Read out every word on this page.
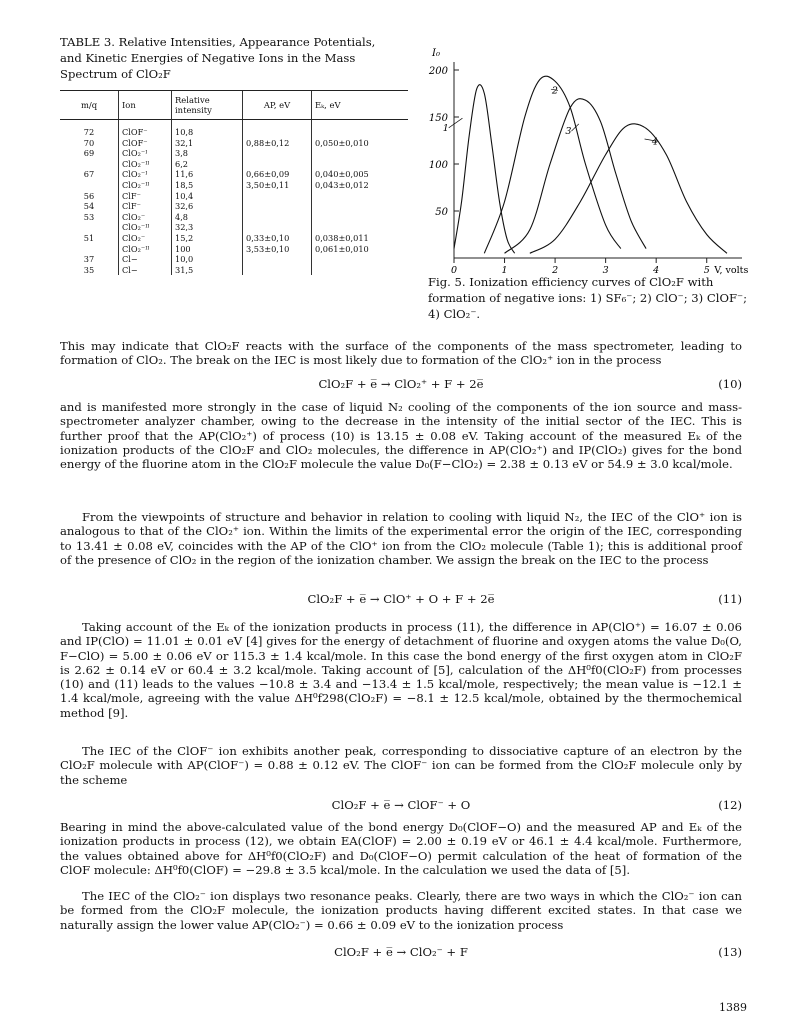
TABLE 3. Relative Intensities, Appearance Potentials, and Kinetic Energies of Negative Ions in the Mass Spectrum of ClO₂F
m/q	Ion	Relative intensity	AP, eV	Eₖ, eV

72	ClOF⁻	10,8		
70	ClOF⁻	32,1	0,88±0,12	0,050±0,010
69	ClO₂⁻ᴵ	3,8		
	ClO₂⁻ᴵᴵ	6,2		
67	ClO₂⁻ᴵ	11,6	0,66±0,09	0,040±0,005
	ClO₂⁻ᴵᴵ	18,5	3,50±0,11	0,043±0,012
56	ClF⁻	10,4		
54	ClF⁻	32,6		
53	ClO₂⁻	4,8		
	ClO₂⁻ᴵᴵ	32,3		
51	ClO₂⁻	15,2	0,33±0,10	0,038±0,011
	ClO₂⁻ᴵᴵ	100	3,53±0,10	0,061±0,010
37	Cl−	10,0		
35	Cl−	31,5		
50
100
150
200
I₀
0	1	2	3	4	5 V, volts
1
2
3
4
Fig. 5. Ionization efficiency curves of ClO₂F with formation of negative ions: 1) SF₆⁻; 2) ClO⁻; 3) ClOF⁻; 4) ClO₂⁻.
This may indicate that ClO₂F reacts with the surface of the components of the mass spectrometer, leading to formation of ClO₂. The break on the IEC is most likely due to formation of the ClO₂⁺ ion in the process
ClO₂F + e̅ → ClO₂⁺ + F + 2e̅	(10)
and is manifested more strongly in the case of liquid N₂ cooling of the components of the ion source and mass-spectrometer analyzer chamber, owing to the decrease in the intensity of the initial sector of the IEC. This is further proof that the AP(ClO₂⁺) of process (10) is 13.15 ± 0.08 eV. Taking account of the measured Eₖ of the ionization products of the ClO₂F and ClO₂ molecules, the difference in AP(ClO₂⁺) and IP(ClO₂) gives for the bond energy of the fluorine atom in the ClO₂F molecule the value D₀(F−ClO₂) = 2.38 ± 0.13 eV or 54.9 ± 3.0 kcal/mole.
From the viewpoints of structure and behavior in relation to cooling with liquid N₂, the IEC of the ClO⁺ ion is analogous to that of the ClO₂⁺ ion. Within the limits of the experimental error the origin of the IEC, corresponding to 13.41 ± 0.08 eV, coincides with the AP of the ClO⁺ ion from the ClO₂ molecule (Table 1); this is additional proof of the presence of ClO₂ in the region of the ionization chamber. We assign the break on the IEC to the process
ClO₂F + e̅ → ClO⁺ + O + F + 2e̅	(11)
Taking account of the Eₖ of the ionization products in process (11), the difference in AP(ClO⁺) = 16.07 ± 0.06 and IP(ClO) = 11.01 ± 0.01 eV [4] gives for the energy of detachment of fluorine and oxygen atoms the value D₀(O, F−ClO) = 5.00 ± 0.06 eV or 115.3 ± 1.4 kcal/mole. In this case the bond energy of the first oxygen atom in ClO₂F is 2.62 ± 0.14 eV or 60.4 ± 3.2 kcal/mole. Taking account of [5], calculation of the ΔH⁰f0(ClO₂F) from processes (10) and (11) leads to the values −10.8 ± 3.4 and −13.4 ± 1.5 kcal/mole, respectively; the mean value is −12.1 ± 1.4 kcal/mole, agreeing with the value ΔH⁰f298(ClO₂F) = −8.1 ± 12.5 kcal/mole, obtained by the thermochemical method [9].
The IEC of the ClOF⁻ ion exhibits another peak, corresponding to dissociative capture of an electron by the ClO₂F molecule with AP(ClOF⁻) = 0.88 ± 0.12 eV. The ClOF⁻ ion can be formed from the ClO₂F molecule only by the scheme
ClO₂F + e̅ → ClOF⁻ + O	(12)
Bearing in mind the above-calculated value of the bond energy D₀(ClOF−O) and the measured AP and Eₖ of the ionization products in process (12), we obtain EA(ClOF) = 2.00 ± 0.19 eV or 46.1 ± 4.4 kcal/mole. Furthermore, the values obtained above for ΔH⁰f0(ClO₂F) and D₀(ClOF−O) permit calculation of the heat of formation of the ClOF molecule: ΔH⁰f0(ClOF) = −29.8 ± 3.5 kcal/mole. In the calculation we used the data of [5].
The IEC of the ClO₂⁻ ion displays two resonance peaks. Clearly, there are two ways in which the ClO₂⁻ ion can be formed from the ClO₂F molecule, the ionization products having different excited states. In that case we naturally assign the lower value AP(ClO₂⁻) = 0.66 ± 0.09 eV to the ionization process
ClO₂F + e̅ → ClO₂⁻ + F	(13)
1389
